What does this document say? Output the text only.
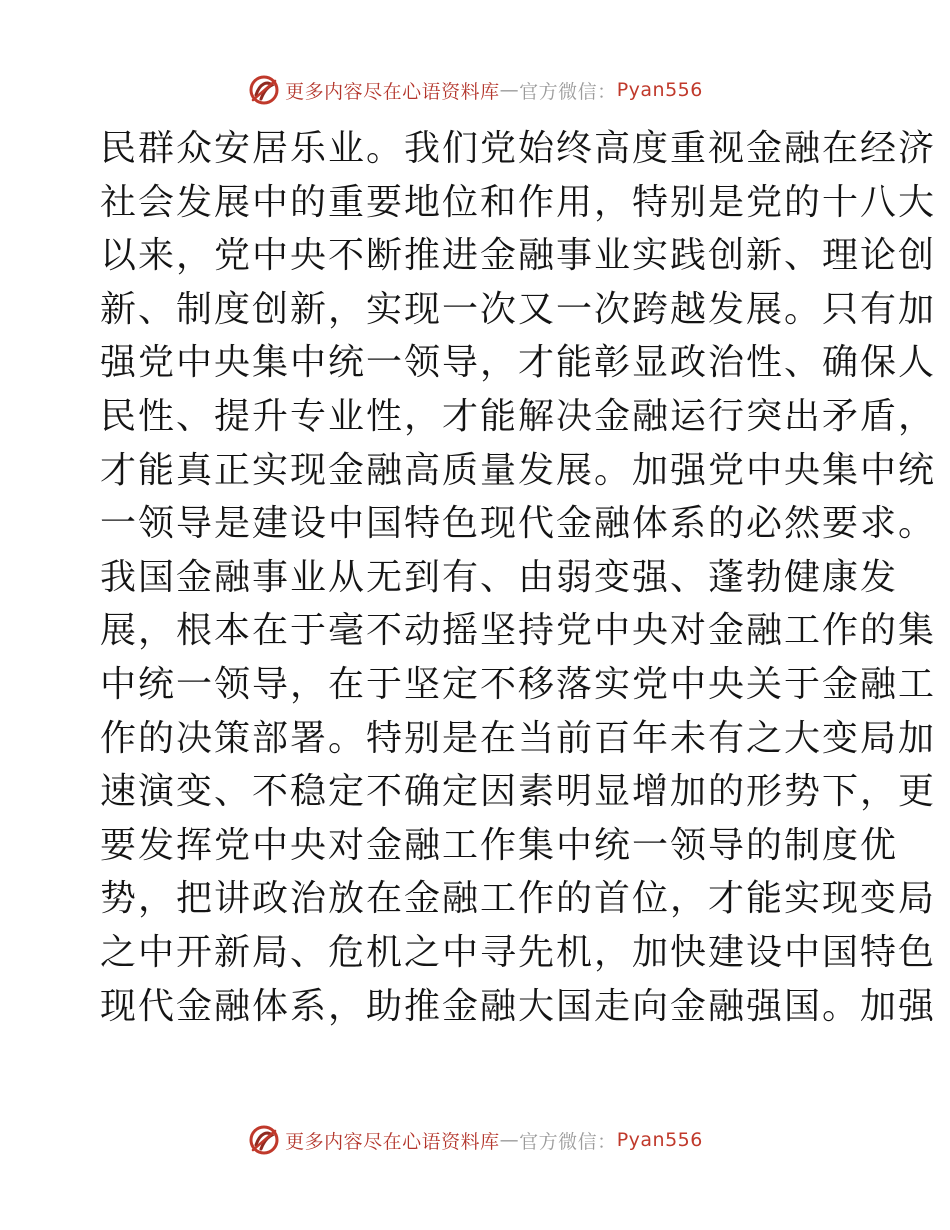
更多内容尽在心语资料库 — 官方微信： Pyan556
民群众安居乐业。我们党始终高度重视金融在经济
社会发展中的重要地位和作用，特别是党的十八大
以来，党中央不断推进金融事业实践创新、理论创
新、制度创新，实现一次又一次跨越发展。只有加
强党中央集中统一领导，才能彰显政治性、确保人
民性、提升专业性，才能解决金融运行突出矛盾，
才能真正实现金融高质量发展。加强党中央集中统
一领导是建设中国特色现代金融体系的必然要求。
我国金融事业从无到有、由弱变强、蓬勃健康发
展，根本在于毫不动摇坚持党中央对金融工作的集
中统一领导，在于坚定不移落实党中央关于金融工
作的决策部署。特别是在当前百年未有之大变局加
速演变、不稳定不确定因素明显增加的形势下，更
要发挥党中央对金融工作集中统一领导的制度优
势，把讲政治放在金融工作的首位，才能实现变局
之中开新局、危机之中寻先机，加快建设中国特色
现代金融体系，助推金融大国走向金融强国。加强
更多内容尽在心语资料库 — 官方微信： Pyan556
